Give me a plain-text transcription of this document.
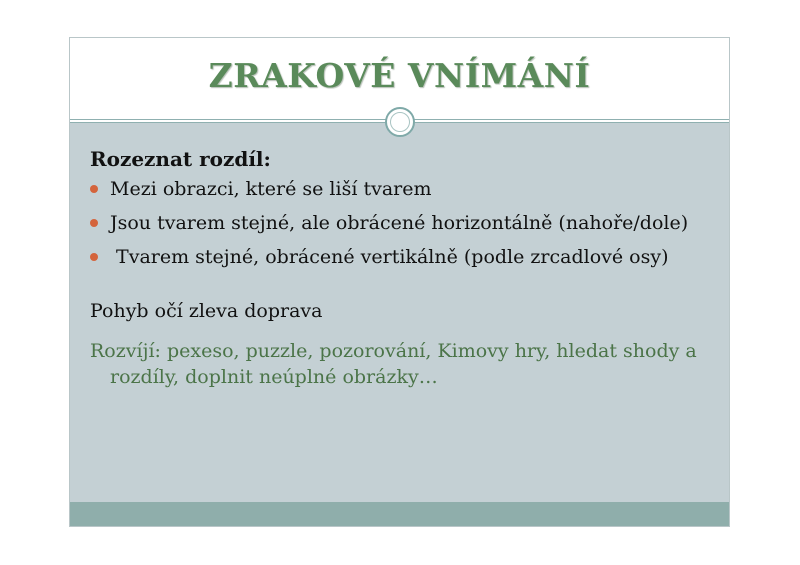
ZRAKOVÉ VNÍMÁNÍ
Rozeznat rozdíl:
Mezi obrazci, které se liší tvarem
Jsou tvarem stejné, ale obrácené horizontálně (nahoře/dole)
Tvarem stejné, obrácené vertikálně (podle zrcadlové osy)
Pohyb očí zleva doprava
Rozvíjí: pexeso, puzzle, pozorování, Kimovy hry, hledat shody a rozdíly, doplnit neúplné obrázky…
